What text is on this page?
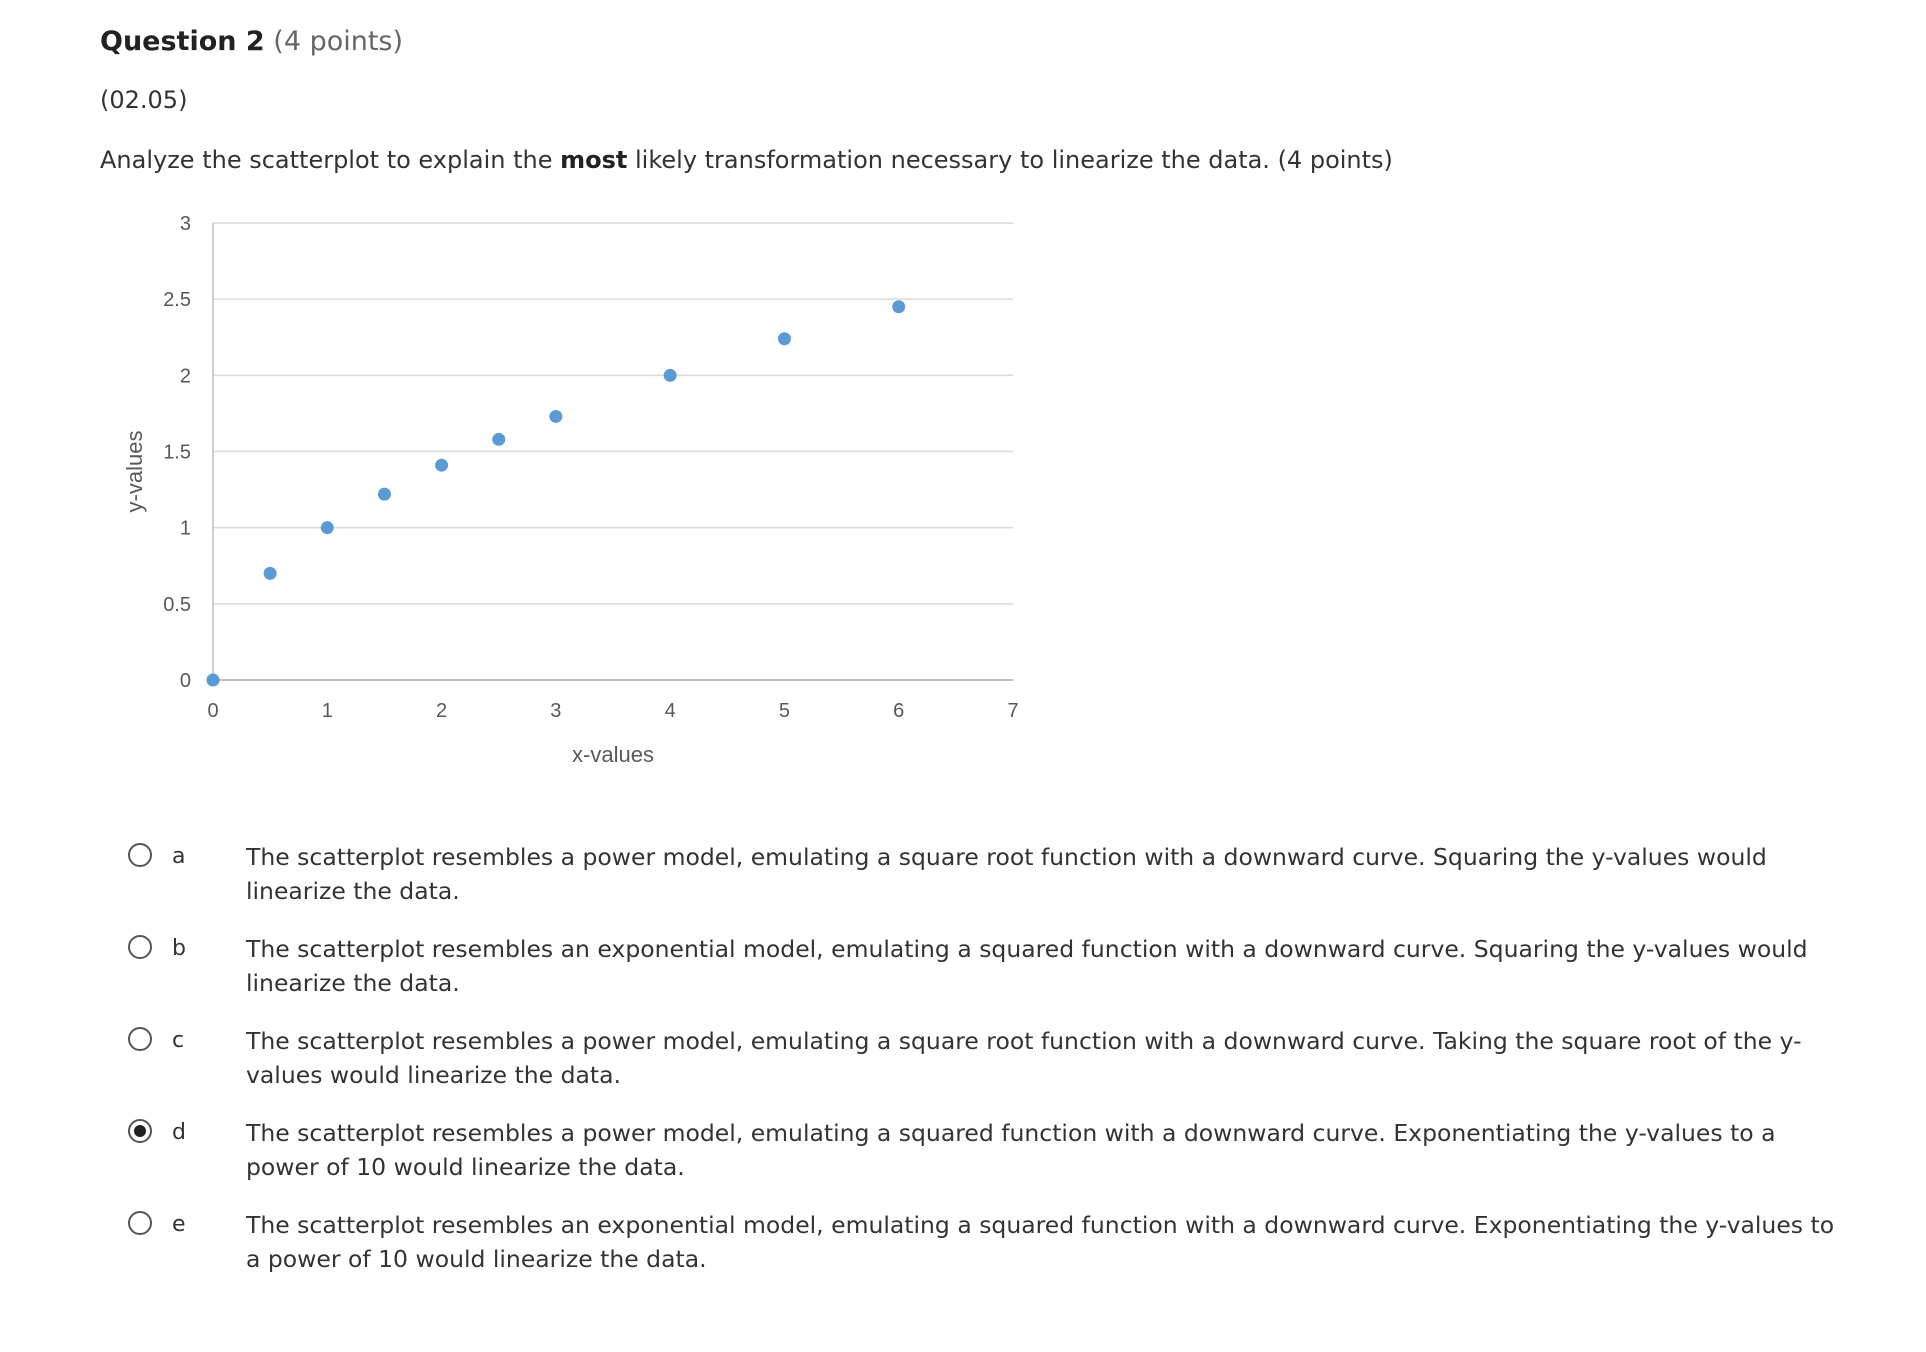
Question 2 (4 points)
(02.05)
Analyze the scatterplot to explain the most likely transformation necessary to linearize the data. (4 points)
0
0.5
1
1.5
2
2.5
3
0	1	2	3	4	5	6	7
x-values
y-values
a	The scatterplot resembles a power model, emulating a square root function with a downward curve. Squaring the y-values would linearize the data.
b	The scatterplot resembles an exponential model, emulating a squared function with a downward curve. Squaring the y-values would linearize the data.
c	The scatterplot resembles a power model, emulating a square root function with a downward curve. Taking the square root of the y-values would linearize the data.
d	The scatterplot resembles a power model, emulating a squared function with a downward curve. Exponentiating the y-values to a power of 10 would linearize the data.
e	The scatterplot resembles an exponential model, emulating a squared function with a downward curve. Exponentiating the y-values to a power of 10 would linearize the data.
